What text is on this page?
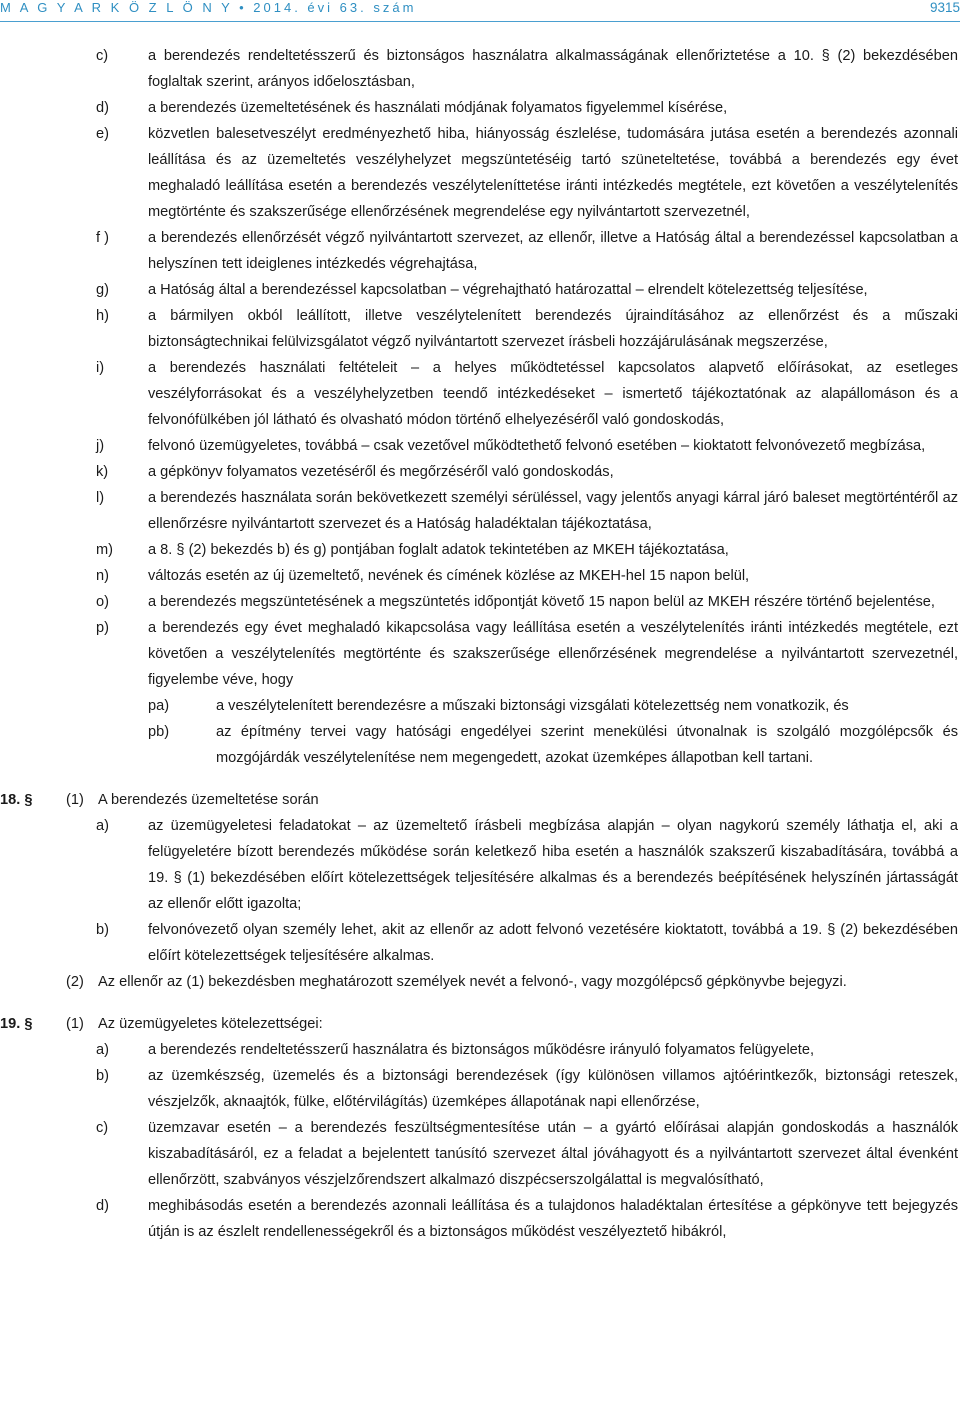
M A G Y A R K Ö Z L Ö N Y • 2014. évi 63. szám	9315
c)	a berendezés rendeltetésszerű és biztonságos használatra alkalmasságának ellenőriztetése a 10. § (2) bekezdésében foglaltak szerint, arányos időelosztásban,
d)	a berendezés üzemeltetésének és használati módjának folyamatos figyelemmel kísérése,
e)	közvetlen balesetveszélyt eredményezhető hiba, hiányosság észlelése, tudomására jutása esetén a berendezés azonnali leállítása és az üzemeltetés veszélyhelyzet megszüntetéséig tartó szüneteltetése, továbbá a berendezés egy évet meghaladó leállítása esetén a berendezés veszélyteleníttetése iránti intézkedés megtétele, ezt követően a veszélytelenítés megtörténte és szakszerűsége ellenőrzésének megrendelése egy nyilvántartott szervezetnél,
f )	a berendezés ellenőrzését végző nyilvántartott szervezet, az ellenőr, illetve a Hatóság által a berendezéssel kapcsolatban a helyszínen tett ideiglenes intézkedés végrehajtása,
g)	a Hatóság által a berendezéssel kapcsolatban – végrehajtható határozattal – elrendelt kötelezettség teljesítése,
h)	a bármilyen okból leállított, illetve veszélytelenített berendezés újraindításához az ellenőrzést és a műszaki biztonságtechnikai felülvizsgálatot végző nyilvántartott szervezet írásbeli hozzájárulásának megszerzése,
i)	a berendezés használati feltételeit – a helyes működtetéssel kapcsolatos alapvető előírásokat, az esetleges veszélyforrásokat és a veszélyhelyzetben teendő intézkedéseket – ismertető tájékoztatónak az alapállomáson és a felvonófülkében jól látható és olvasható módon történő elhelyezéséről való gondoskodás,
j)	felvonó üzemügyeletes, továbbá – csak vezetővel működtethető felvonó esetében – kioktatott felvonóvezető megbízása,
k)	a gépkönyv folyamatos vezetéséről és megőrzéséről való gondoskodás,
l)	a berendezés használata során bekövetkezett személyi sérüléssel, vagy jelentős anyagi kárral járó baleset megtörténtéről az ellenőrzésre nyilvántartott szervezet és a Hatóság haladéktalan tájékoztatása,
m) a 8. § (2) bekezdés b) és g) pontjában foglalt adatok tekintetében az MKEH tájékoztatása,
n)	változás esetén az új üzemeltető, nevének és címének közlése az MKEH-hel 15 napon belül,
o)	a berendezés megszüntetésének a megszüntetés időpontját követő 15 napon belül az MKEH részére történő bejelentése,
p)	a berendezés egy évet meghaladó kikapcsolása vagy leállítása esetén a veszélytelenítés iránti intézkedés megtétele, ezt követően a veszélytelenítés megtörténte és szakszerűsége ellenőrzésének megrendelése a nyilvántartott szervezetnél, figyelembe véve, hogy
pa)	a veszélytelenített berendezésre a műszaki biztonsági vizsgálati kötelezettség nem vonatkozik, és
pb)	az építmény tervei vagy hatósági engedélyei szerint menekülési útvonalnak is szolgáló mozgólépcsők és mozgójárdák veszélytelenítése nem megengedett, azokat üzemképes állapotban kell tartani.
18. § (1) A berendezés üzemeltetése során
a)	az üzemügyeletesi feladatokat – az üzemeltető írásbeli megbízása alapján – olyan nagykorú személy láthatja el, aki a felügyeletére bízott berendezés működése során keletkező hiba esetén a használók szakszerű kiszabadítására, továbbá a 19. § (1) bekezdésében előírt kötelezettségek teljesítésére alkalmas és a berendezés beépítésének helyszínén jártasságát az ellenőr előtt igazolta;
b)	felvonóvezető olyan személy lehet, akit az ellenőr az adott felvonó vezetésére kioktatott, továbbá a 19. § (2) bekezdésében előírt kötelezettségek teljesítésére alkalmas.
(2) Az ellenőr az (1) bekezdésben meghatározott személyek nevét a felvonó-, vagy mozgólépcső gépkönyvbe bejegyzi.
19. § (1) Az üzemügyeletes kötelezettségei:
a)	a berendezés rendeltetésszerű használatra és biztonságos működésre irányuló folyamatos felügyelete,
b)	az üzemkészség, üzemelés és a biztonsági berendezések (így különösen villamos ajtóérintkezők, biztonsági reteszek, vészjelzők, aknaajtók, fülke, előtérvilágítás) üzemképes állapotának napi ellenőrzése,
c)	üzemzavar esetén – a berendezés feszültségmentesítése után – a gyártó előírásai alapján gondoskodás a használók kiszabadításáról, ez a feladat a bejelentett tanúsító szervezet által jóváhagyott és a nyilvántartott szervezet által évenként ellenőrzött, szabványos vészjelzőrendszert alkalmazó diszpécserszolgálattal is megvalósítható,
d)	meghibásodás esetén a berendezés azonnali leállítása és a tulajdonos haladéktalan értesítése a gépkönyve tett bejegyzés útján is az észlelt rendellenességekről és a biztonságos működést veszélyeztető hibákról,
